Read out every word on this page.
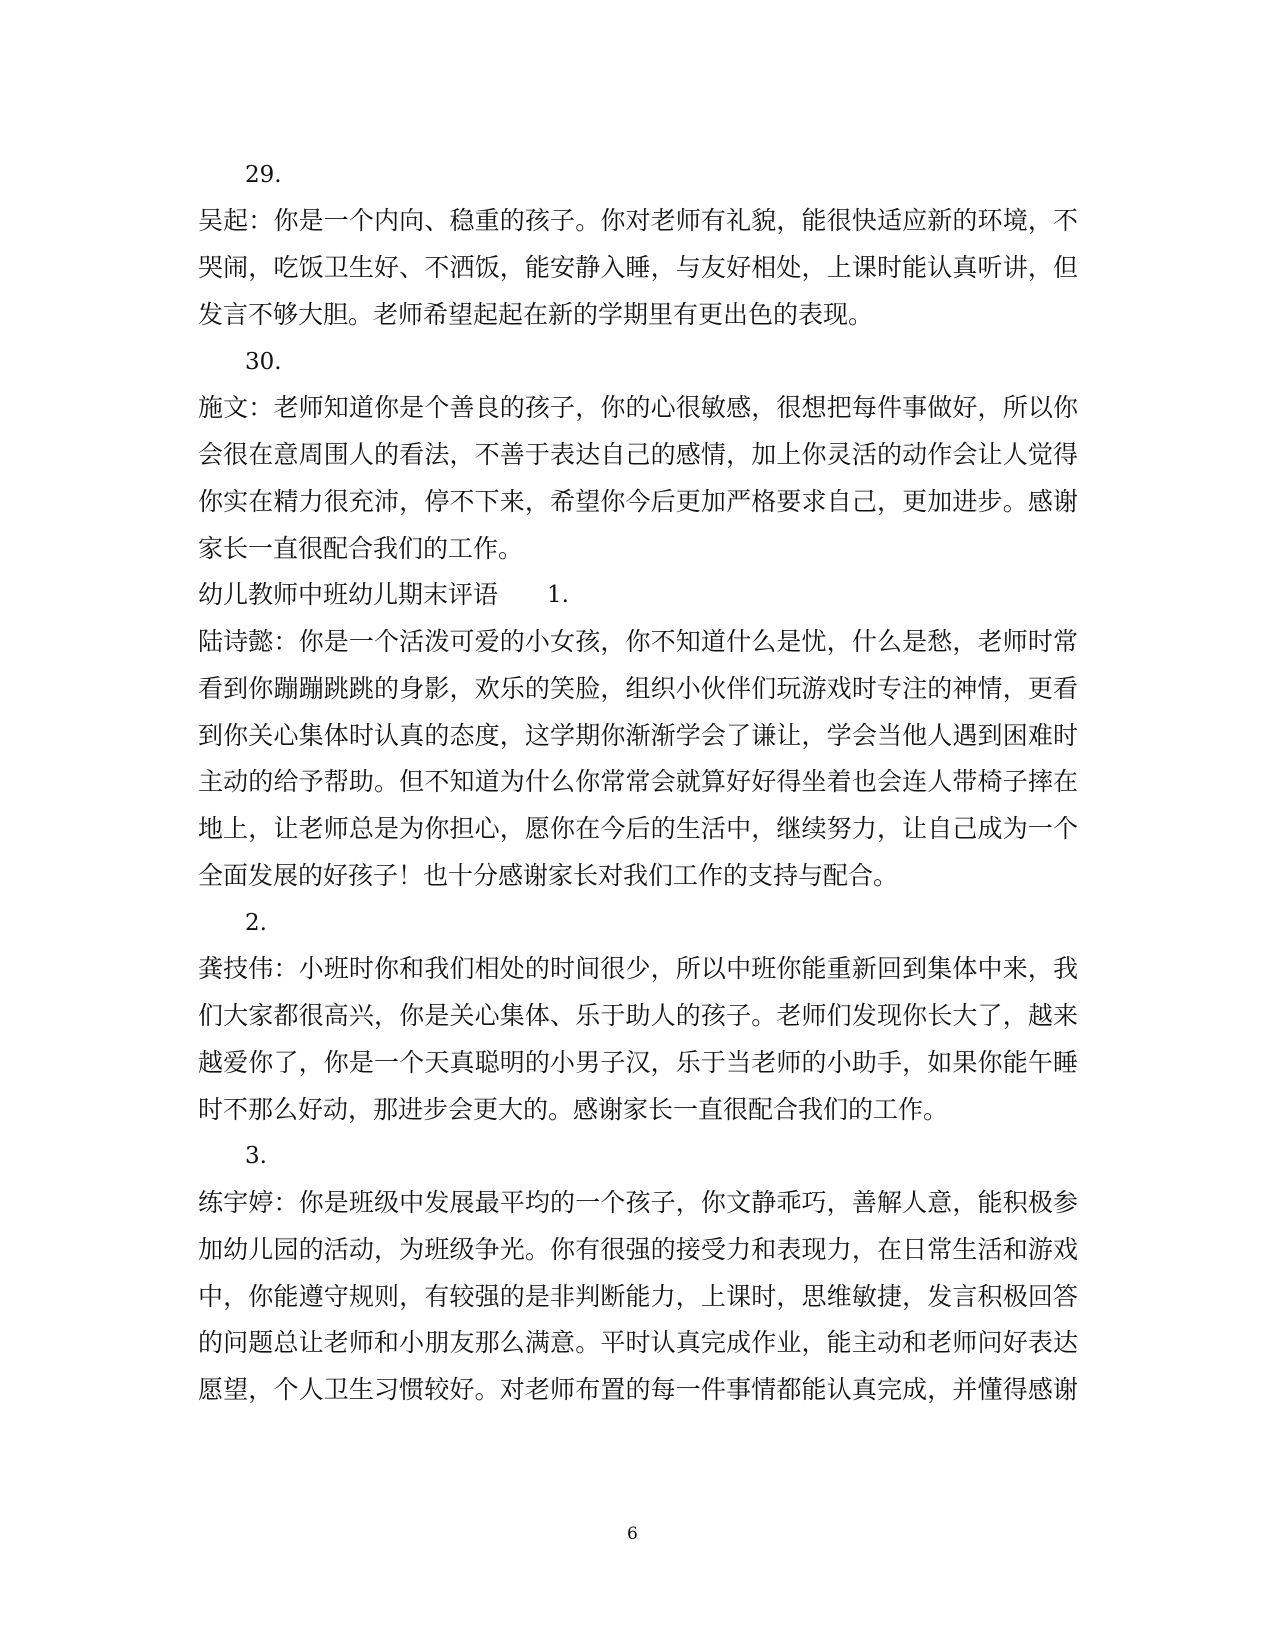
29.
吴起：你是一个内向、稳重的孩子。你对老师有礼貌，能很快适应新的环境，不
哭闹，吃饭卫生好、不洒饭，能安静入睡，与友好相处，上课时能认真听讲，但
发言不够大胆。老师希望起起在新的学期里有更出色的表现。
30.
施文：老师知道你是个善良的孩子，你的心很敏感，很想把每件事做好，所以你
会很在意周围人的看法，不善于表达自己的感情，加上你灵活的动作会让人觉得
你实在精力很充沛，停不下来，希望你今后更加严格要求自己，更加进步。感谢
家长一直很配合我们的工作。
幼儿教师中班幼儿期末评语 1.
陆诗懿：你是一个活泼可爱的小女孩，你不知道什么是忧，什么是愁，老师时常
看到你蹦蹦跳跳的身影，欢乐的笑脸，组织小伙伴们玩游戏时专注的神情，更看
到你关心集体时认真的态度，这学期你渐渐学会了谦让，学会当他人遇到困难时
主动的给予帮助。但不知道为什么你常常会就算好好得坐着也会连人带椅子摔在
地上，让老师总是为你担心，愿你在今后的生活中，继续努力，让自己成为一个
全面发展的好孩子！也十分感谢家长对我们工作的支持与配合。
2.
龚技伟：小班时你和我们相处的时间很少，所以中班你能重新回到集体中来，我
们大家都很高兴，你是关心集体、乐于助人的孩子。老师们发现你长大了，越来
越爱你了，你是一个天真聪明的小男子汉，乐于当老师的小助手，如果你能午睡
时不那么好动，那进步会更大的。感谢家长一直很配合我们的工作。
3.
练宇婷：你是班级中发展最平均的一个孩子，你文静乖巧，善解人意，能积极参
加幼儿园的活动，为班级争光。你有很强的接受力和表现力，在日常生活和游戏
中，你能遵守规则，有较强的是非判断能力，上课时，思维敏捷，发言积极回答
的问题总让老师和小朋友那么满意。平时认真完成作业，能主动和老师问好表达
愿望，个人卫生习惯较好。对老师布置的每一件事情都能认真完成，并懂得感谢
6
